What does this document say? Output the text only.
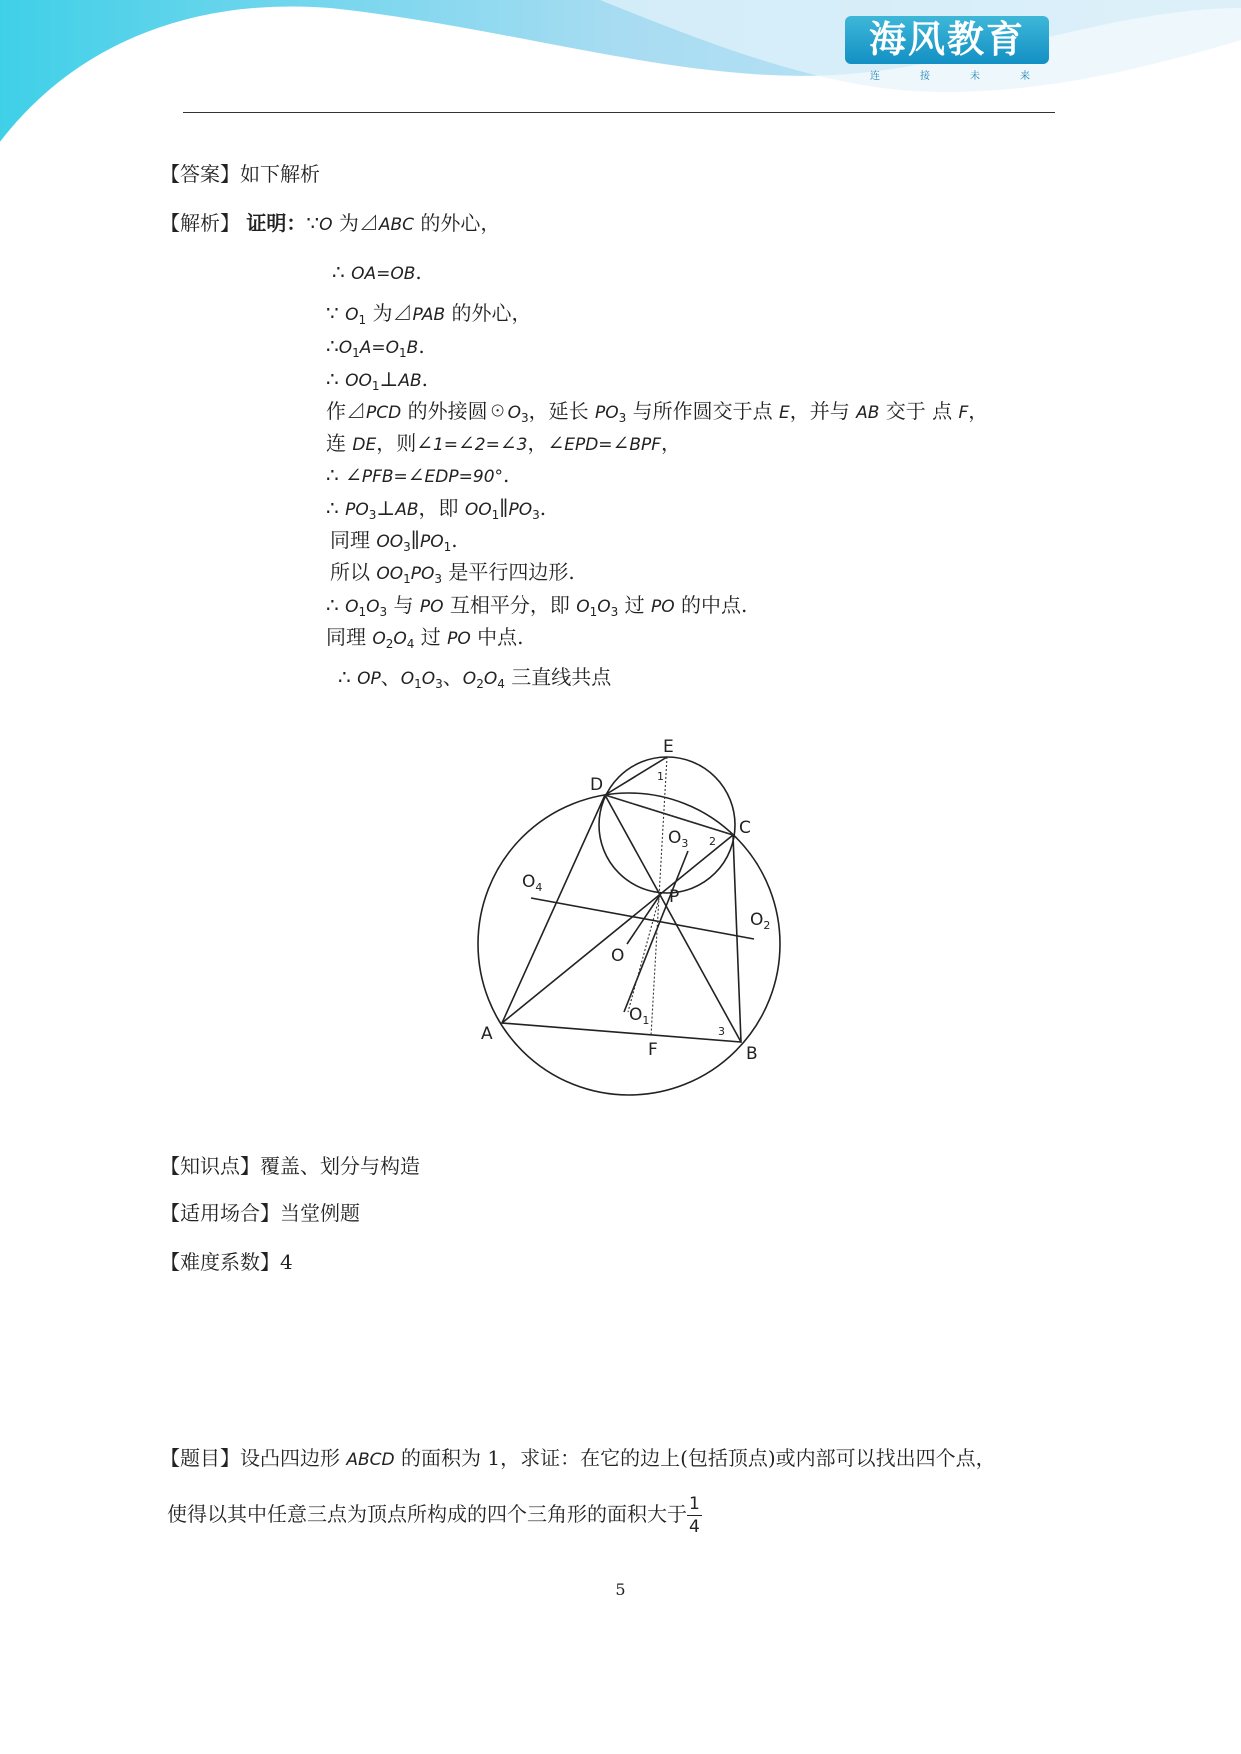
海风教育
连	接	未	来
【答案】如下解析
【解析】 证明：∵O 为⊿ABC 的外心，
∴ OA=OB.
∵ $O_1$ 为⊿PAB 的外心，
$\therefore O_1A=O_1B$.
∴ $OO_1\perp AB$.
作⊿PCD 的外接圆$☉O_3$，延长 $PO_3$ 与所作圆交于点 E，并与 AB 交于 点 F，
连 DE，则∠1=∠2=∠3，∠EPD=∠BPF，
∴ ∠PFB=∠EDP=90°.
∴ $PO_3\perp AB$，即 $OO_1\parallel PO_3$.
同理 $OO_3\parallel PO_1$.
所以 $OO_1PO_3$ 是平行四边形.
∴ $O_1O_3$ 与 PO 互相平分，即 $O_1O_3$ 过 PO 的中点.
同理 $O_2O_4$ 过 PO 中点.
∴ OP、$O_1O_3$、$O_2O_4$ 三直线共点
E
D
C
$O_3$
$O_4$	P
$O_2$
O
$O_1$
A
F	B
1
2
3
【知识点】覆盖、划分与构造
【适用场合】当堂例题
【难度系数】4
【题目】设凸四边形 ABCD 的面积为 1，求证：在它的边上(包括顶点)或内部可以找出四个点，
使得以其中任意三点为顶点所构成的四个三角形的面积大于 $\frac{1}{4}$
5
